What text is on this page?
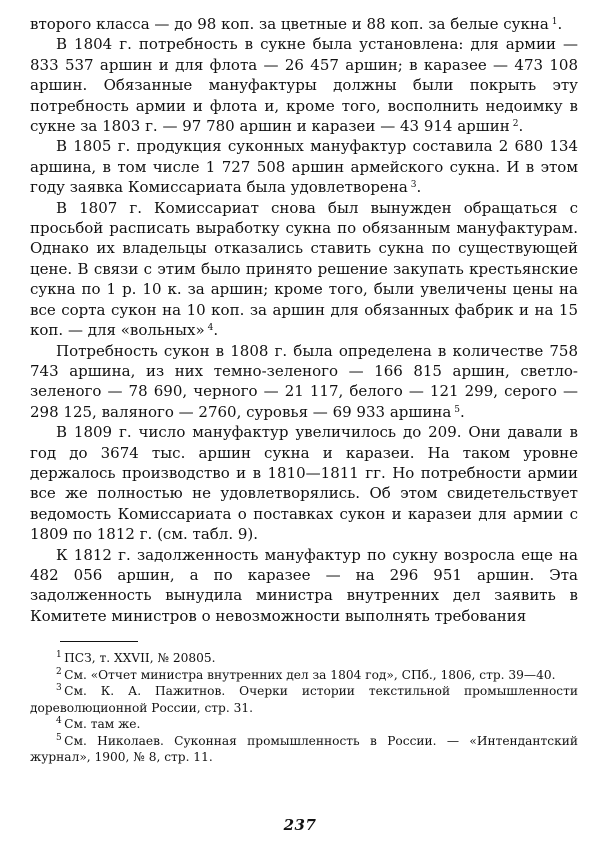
второго класса — до 98 коп. за цветные и 88 коп. за белые сукна  $^1$.

В 1804 г. потребность в сукне была установлена: для армии — 833 537 аршин и для флота — 26 457 аршин; в каразее — 473 108 аршин. Обязанные мануфактуры должны были покрыть эту потребность армии и флота и, кроме того, восполнить недоимку в сукне за 1803 г. — 97 780 аршин и каразеи — 43 914 аршин  $^2$.

В 1805 г. продукция суконных мануфактур составила 2 680 134 аршина, в том числе 1 727 508 аршин армейского сукна. И в этом году заявка Комиссариата была удовлетворена  $^3$.

В 1807 г. Комиссариат снова был вынужден обращаться с просьбой расписать выработку сукна по обязанным мануфактурам. Однако их владельцы отказались ставить сукна по существующей цене. В связи с этим было принято решение закупать крестьянские сукна по 1 р. 10 к. за аршин; кроме того, были увеличены цены на все сорта сукон на 10 коп. за аршин для обязанных фабрик и на 15 коп. — для «вольных»  $^4$.

Потребность сукон в 1808 г. была определена в количестве 758 743 аршина, из них темно-зеленого — 166 815 аршин, светло-зеленого — 78 690, черного — 21 117, белого — 121 299, серого — 298 125, валяного — 2760, суровья — 69 933 аршина  $^5$.

В 1809 г. число мануфактур увеличилось до 209. Они давали в год до 3674 тыс. аршин сукна и каразеи. На таком уровне держалось производство и в 1810—1811 гг. Но потребности армии все же полностью не удовлетворялись. Об этом свидетельствует ведомость Комиссариата о поставках сукон и каразеи для армии с 1809 по 1812 г. (см. табл. 9).

К 1812 г. задолженность мануфактур по сукну возросла еще на 482 056 аршин, а по каразее — на 296 951 аршин. Эта задолженность вынудила министра внутренних дел заявить в Комитете министров о невозможности выполнять требования

$^1$  ПСЗ, т. XXVII, № 20805.

$^2$  См. «Отчет министра внутренних дел за 1804 год», СПб., 1806, стр. 39—40.

$^3$  См. К. А. Пажитнов. Очерки истории текстильной промышленности дореволюционной России, стр. 31.

$^4$  См. там же.

$^5$  См. Николаев. Суконная промышленность в России. — «Интендантский журнал», 1900, № 8, стр. 11.

237
